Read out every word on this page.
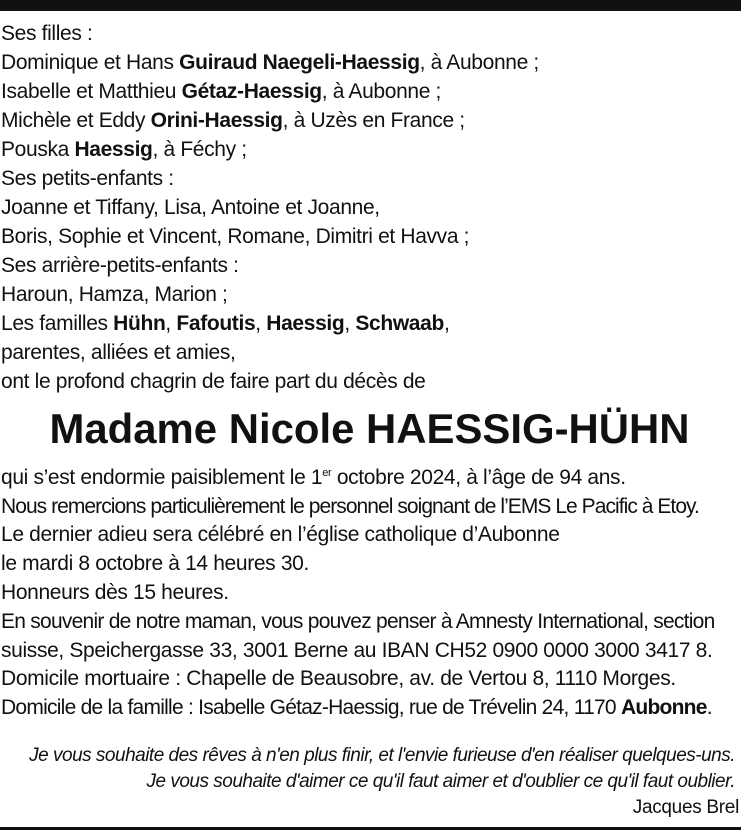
Ses filles :
Dominique et Hans Guiraud Naegeli-Haessig, à Aubonne ;
Isabelle et Matthieu Gétaz-Haessig, à Aubonne ;
Michèle et Eddy Orini-Haessig, à Uzès en France ;
Pouska Haessig, à Féchy ;
Ses petits-enfants :
Joanne et Tiffany, Lisa, Antoine et Joanne,
Boris, Sophie et Vincent, Romane, Dimitri et Havva ;
Ses arrière-petits-enfants :
Haroun, Hamza, Marion ;
Les familles Hühn, Fafoutis, Haessig, Schwaab,
parentes, alliées et amies,
ont le profond chagrin de faire part du décès de
Madame Nicole HAESSIG-HÜHN
qui s’est endormie paisiblement le 1er octobre 2024, à l’âge de 94 ans.
Nous remercions particulièrement le personnel soignant de l’EMS Le Pacific à Etoy.
Le dernier adieu sera célébré en l’église catholique d’Aubonne
le mardi 8 octobre à 14 heures 30.
Honneurs dès 15 heures.
En souvenir de notre maman, vous pouvez penser à Amnesty International, section
suisse, Speichergasse 33, 3001 Berne au IBAN CH52 0900 0000 3000 3417 8.
Domicile mortuaire : Chapelle de Beausobre, av. de Vertou 8, 1110 Morges.
Domicile de la famille : Isabelle Gétaz-Haessig, rue de Trévelin 24, 1170 Aubonne.
Je vous souhaite des rêves à n'en plus finir, et l'envie furieuse d'en réaliser quelques-uns.
Je vous souhaite d'aimer ce qu'il faut aimer et d'oublier ce qu'il faut oublier.
Jacques Brel
